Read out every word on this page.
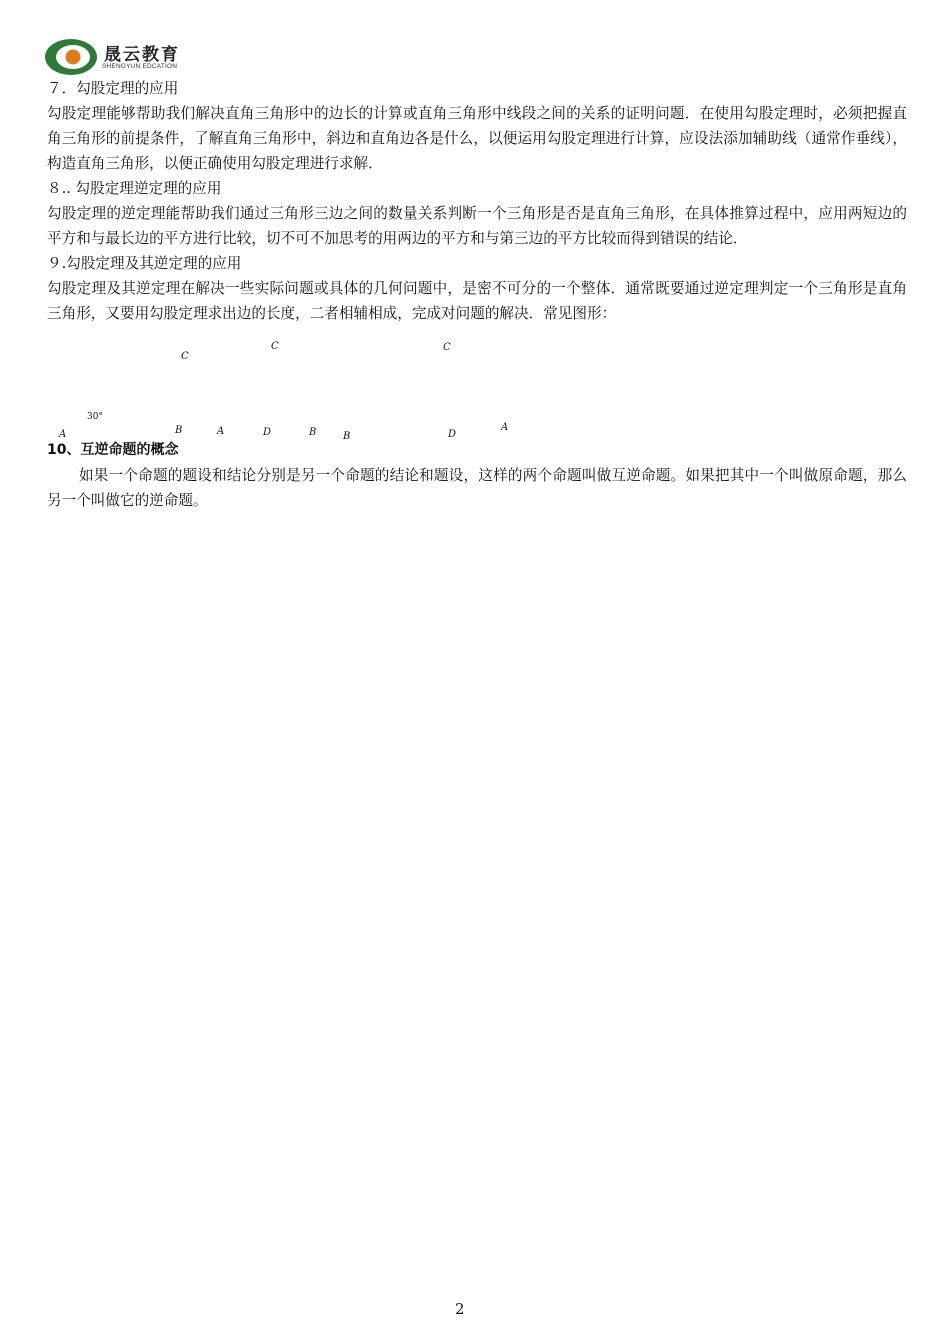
晟云教育
SHENGYUN EDCATION

７．勾股定理的应用

勾股定理能够帮助我们解决直角三角形中的边长的计算或直角三角形中线段之间的关系的证明问题．在使用勾股定理时，必须把握直角三角形的前提条件，了解直角三角形中，斜边和直角边各是什么，以便运用勾股定理进行计算，应设法添加辅助线（通常作垂线），构造直角三角形，以便正确使用勾股定理进行求解．

８.. 勾股定理逆定理的应用

勾股定理的逆定理能帮助我们通过三角形三边之间的数量关系判断一个三角形是否是直角三角形，在具体推算过程中，应用两短边的平方和与最长边的平方进行比较，切不可不加思考的用两边的平方和与第三边的平方比较而得到错误的结论．

９.勾股定理及其逆定理的应用

勾股定理及其逆定理在解决一些实际问题或具体的几何问题中，是密不可分的一个整体．通常既要通过逆定理判定一个三角形是直角三角形，又要用勾股定理求出边的长度，二者相辅相成，完成对问题的解决．常见图形：

C
30°
A	B
C
A	D	B	B
C
D
A

10、互逆命题的概念

如果一个命题的题设和结论分别是另一个命题的结论和题设，这样的两个命题叫做互逆命题。如果把其中一个叫做原命题，那么另一个叫做它的逆命题。

2
